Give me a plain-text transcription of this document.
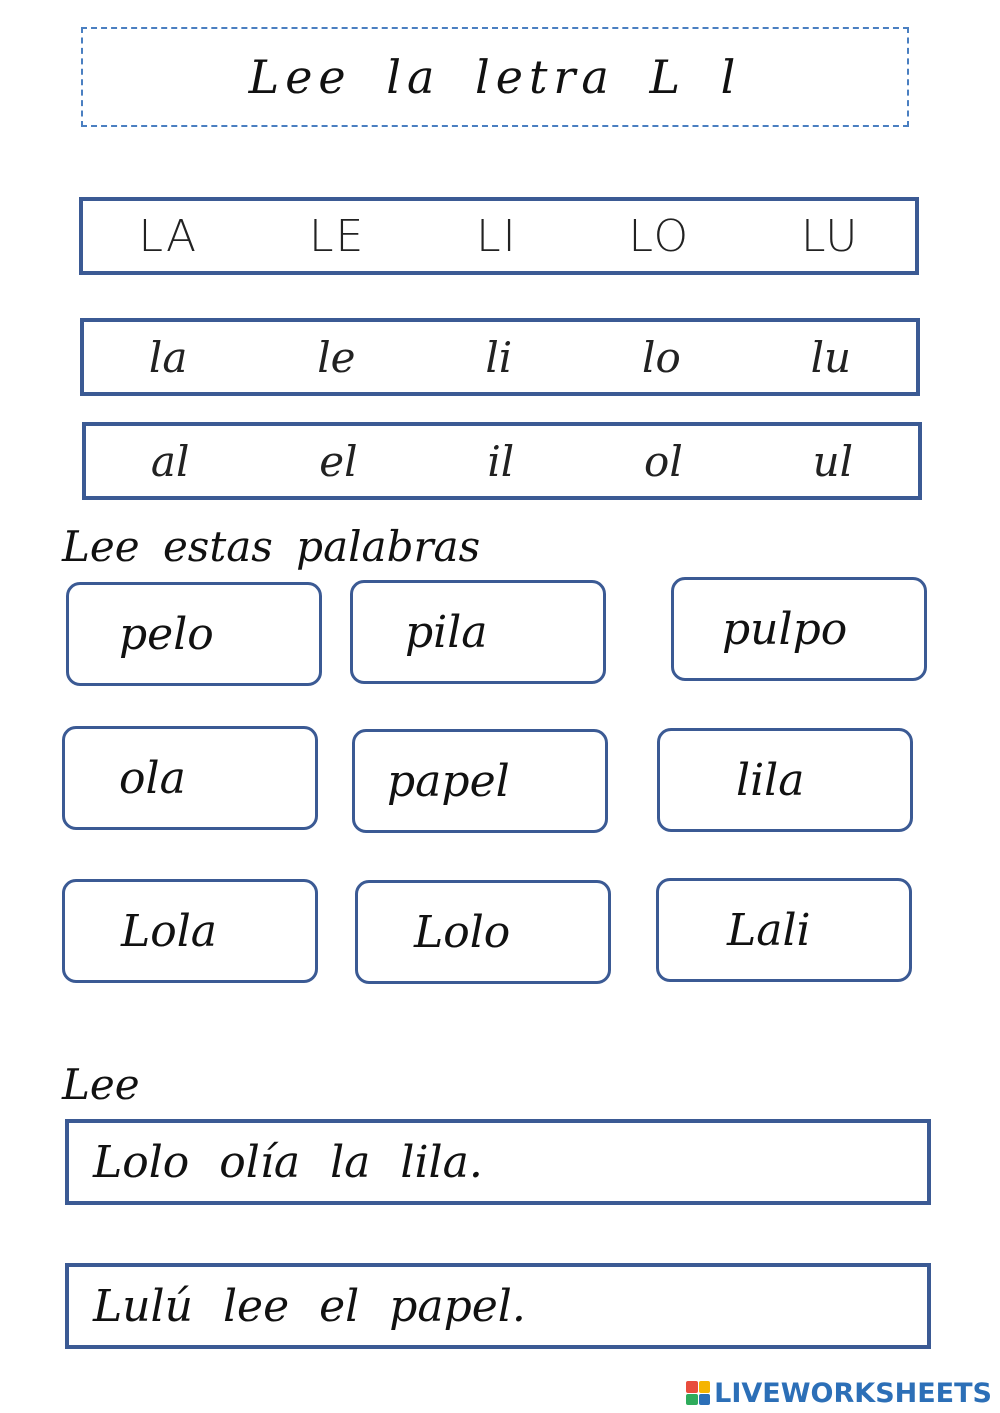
Lee la letra L l
LA	LE	LI	LO	LU
la	le	li	lo	lu
al	el	il	ol	ul
Lee estas palabras
pelo	pila	pulpo
ola	papel	lila
Lola	Lolo	Lali
Lee
Lolo olía la lila.
Lulú lee el papel.
LIVEWORKSHEETS
